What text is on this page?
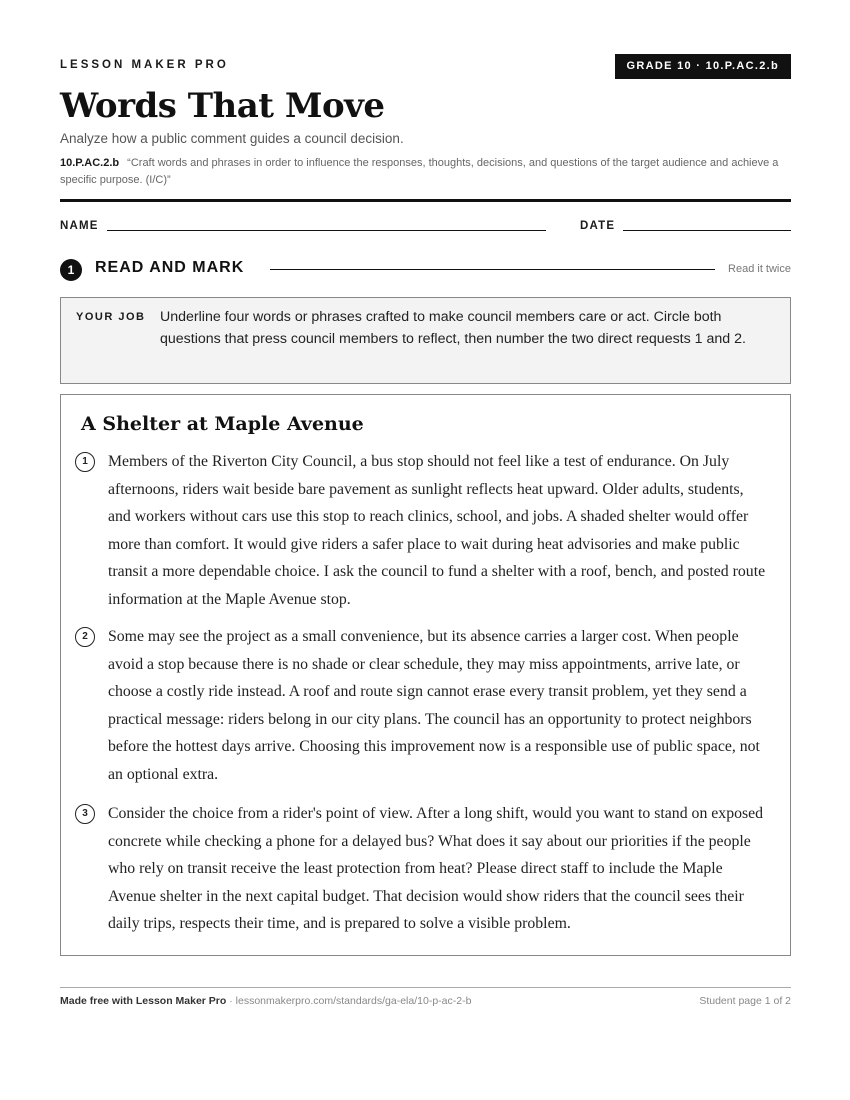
LESSON MAKER PRO	GRADE 10 · 10.P.AC.2.b
Words That Move
Analyze how a public comment guides a council decision.
10.P.AC.2.b “Craft words and phrases in order to influence the responses, thoughts, decisions, and questions of the target audience and achieve a specific purpose. (I/C)”
NAME	DATE
1	READ AND MARK	Read it twice
YOUR JOB Underline four words or phrases crafted to make council members care or act. Circle both questions that press council members to reflect, then number the two direct requests 1 and 2.
A Shelter at Maple Avenue
1	Members of the Riverton City Council, a bus stop should not feel like a test of endurance. On July afternoons, riders wait beside bare pavement as sunlight reflects heat upward. Older adults, students, and workers without cars use this stop to reach clinics, school, and jobs. A shaded shelter would offer more than comfort. It would give riders a safer place to wait during heat advisories and make public transit a more dependable choice. I ask the council to fund a shelter with a roof, bench, and posted route information at the Maple Avenue stop.
2	Some may see the project as a small convenience, but its absence carries a larger cost. When people avoid a stop because there is no shade or clear schedule, they may miss appointments, arrive late, or choose a costly ride instead. A roof and route sign cannot erase every transit problem, yet they send a practical message: riders belong in our city plans. The council has an opportunity to protect neighbors before the hottest days arrive. Choosing this improvement now is a responsible use of public space, not an optional extra.
3	Consider the choice from a rider's point of view. After a long shift, would you want to stand on exposed concrete while checking a phone for a delayed bus? What does it say about our priorities if the people who rely on transit receive the least protection from heat? Please direct staff to include the Maple Avenue shelter in the next capital budget. That decision would show riders that the council sees their daily trips, respects their time, and is prepared to solve a visible problem.
Made free with Lesson Maker Pro · lessonmakerpro.com/standards/ga-ela/10-p-ac-2-b	Student page 1 of 2
